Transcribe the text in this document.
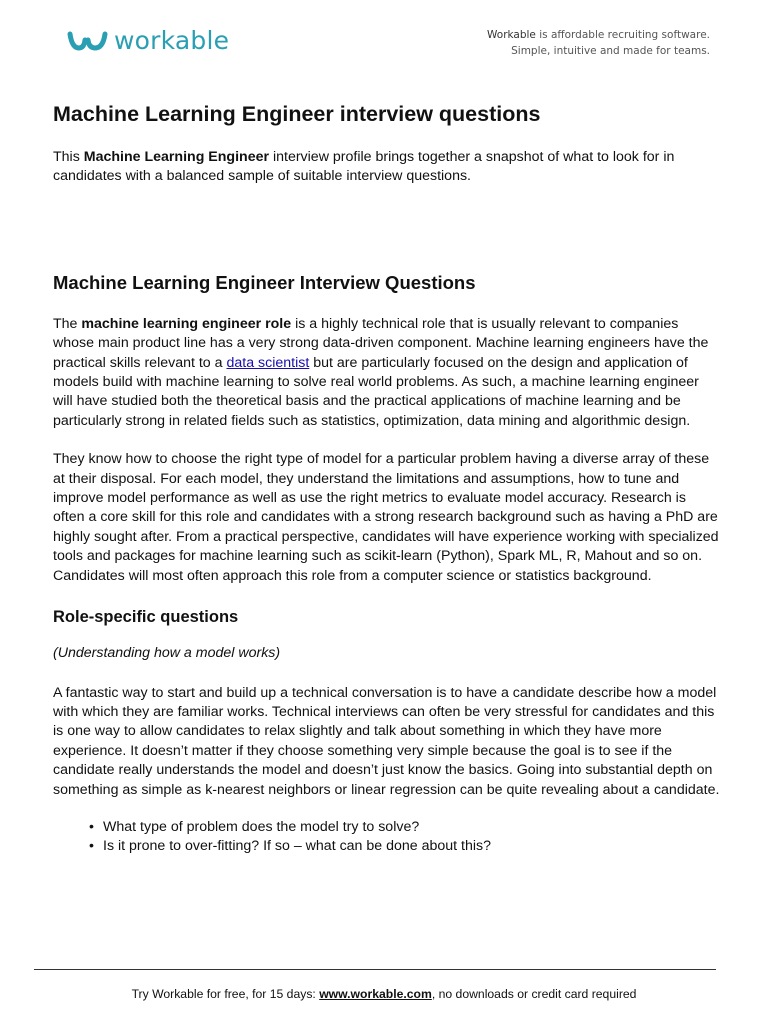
workable	Workable is affordable recruiting software.
Simple, intuitive and made for teams.
Machine Learning Engineer interview questions

This Machine Learning Engineer interview profile brings together a snapshot of what to look for in candidates with a balanced sample of suitable interview questions.

Machine Learning Engineer Interview Questions

The machine learning engineer role is a highly technical role that is usually relevant to companies whose main product line has a very strong data-driven component. Machine learning engineers have the practical skills relevant to a data scientist but are particularly focused on the design and application of models build with machine learning to solve real world problems. As such, a machine learning engineer will have studied both the theoretical basis and the practical applications of machine learning and be particularly strong in related fields such as statistics, optimization, data mining and algorithmic design.

They know how to choose the right type of model for a particular problem having a diverse array of these at their disposal. For each model, they understand the limitations and assumptions, how to tune and improve model performance as well as use the right metrics to evaluate model accuracy. Research is often a core skill for this role and candidates with a strong research background such as having a PhD are highly sought after. From a practical perspective, candidates will have experience working with specialized tools and packages for machine learning such as scikit-learn (Python), Spark ML, R, Mahout and so on. Candidates will most often approach this role from a computer science or statistics background.

Role-specific questions

(Understanding how a model works)

A fantastic way to start and build up a technical conversation is to have a candidate describe how a model with which they are familiar works. Technical interviews can often be very stressful for candidates and this is one way to allow candidates to relax slightly and talk about something in which they have more experience. It doesn’t matter if they choose something very simple because the goal is to see if the candidate really understands the model and doesn’t just know the basics. Going into substantial depth on something as simple as k-nearest neighbors or linear regression can be quite revealing about a candidate.

• What type of problem does the model try to solve?
• Is it prone to over-fitting? If so – what can be done about this?
Try Workable for free, for 15 days: www.workable.com, no downloads or credit card required
